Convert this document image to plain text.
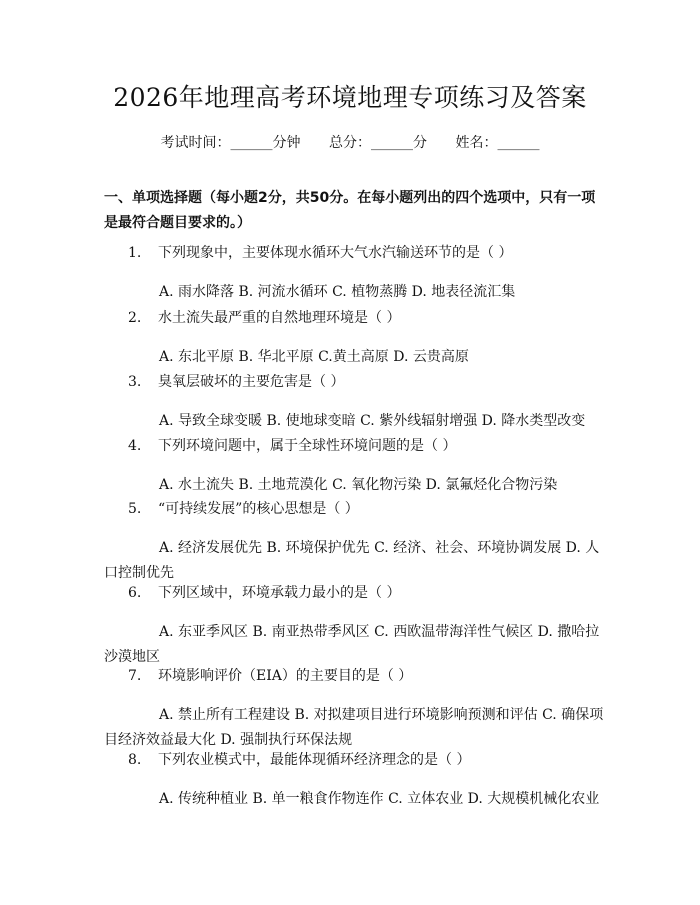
2026年地理高考环境地理专项练习及答案
考试时间：______分钟 总分：______分 姓名：______
一、单项选择题（每小题2分，共50分。在每小题列出的四个选项中，只有一项是最符合题目要求的。）
1. 下列现象中，主要体现水循环大气水汽输送环节的是（ ）
A. 雨水降落 B. 河流水循环 C. 植物蒸腾 D. 地表径流汇集
2. 水土流失最严重的自然地理环境是（ ）
A. 东北平原 B. 华北平原 C.黄土高原 D. 云贵高原
3. 臭氧层破坏的主要危害是（ ）
A. 导致全球变暖 B. 使地球变暗 C. 紫外线辐射增强 D. 降水类型改变
4. 下列环境问题中，属于全球性环境问题的是（ ）
A. 水土流失 B. 土地荒漠化 C. 氧化物污染 D. 氯氟烃化合物污染
5. “可持续发展”的核心思想是（ ）
A. 经济发展优先 B. 环境保护优先 C. 经济、社会、环境协调发展 D. 人口控制优先
6. 下列区域中，环境承载力最小的是（ ）
A. 东亚季风区 B. 南亚热带季风区 C. 西欧温带海洋性气候区 D. 撒哈拉沙漠地区
7. 环境影响评价（EIA）的主要目的是（ ）
A. 禁止所有工程建设 B. 对拟建项目进行环境影响预测和评估 C. 确保项目经济效益最大化 D. 强制执行环保法规
8. 下列农业模式中，最能体现循环经济理念的是（ ）
A. 传统种植业 B. 单一粮食作物连作 C. 立体农业 D. 大规模机械化农业
